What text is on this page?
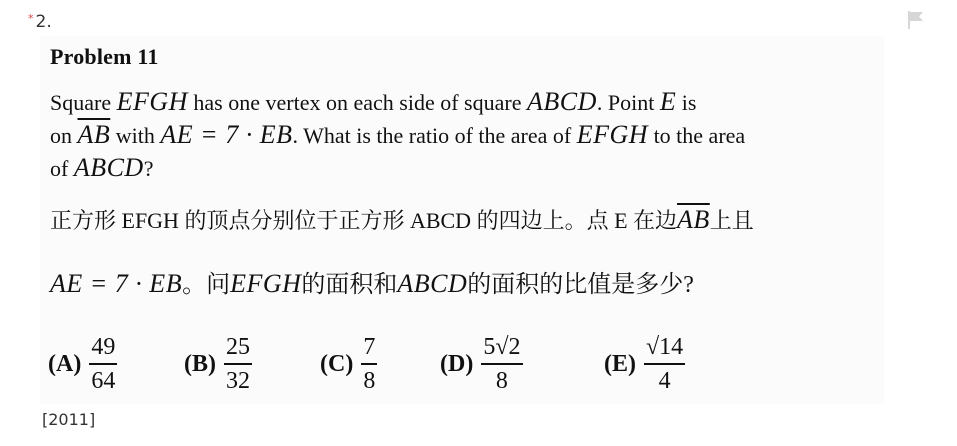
* 2.
Problem 11
Square EFGH has one vertex on each side of square ABCD. Point E is
on $\overline{AB}$ with AE = 7 · EB. What is the ratio of the area of EFGH to the area
of ABCD?
正方形 EFGH 的顶点分别位于正方形 ABCD 的四边上。点 E 在边$\overline{AB}$上且
AE = 7 · EB。问EFGH的面积和ABCD的面积的比值是多少?
$(A) \frac{49}{64}$	$(B) \frac{25}{32}$	$(C) \frac{7}{8}$	$(D) \frac{5√2}{8}$	$(E) \frac{√14}{4}$
[2011]
